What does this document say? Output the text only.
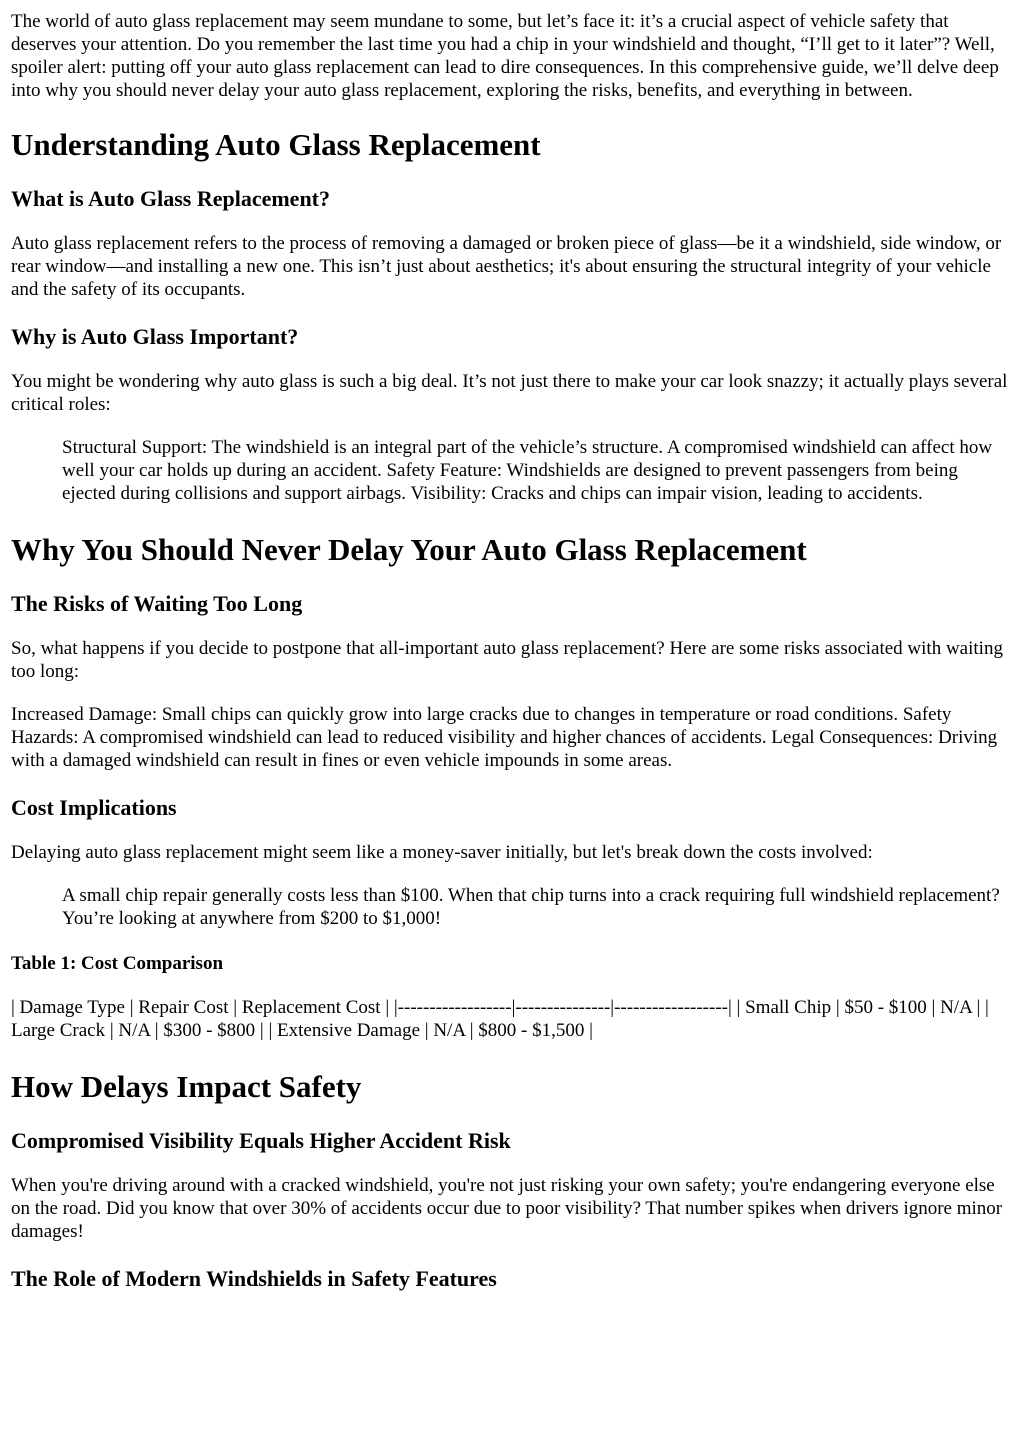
The world of auto glass replacement may seem mundane to some, but let’s face it: it’s a crucial aspect of vehicle safety that deserves your attention. Do you remember the last time you had a chip in your windshield and thought, “I’ll get to it later”? Well, spoiler alert: putting off your auto glass replacement can lead to dire consequences. In this comprehensive guide, we’ll delve deep into why you should never delay your auto glass replacement, exploring the risks, benefits, and everything in between.

Understanding Auto Glass Replacement
What is Auto Glass Replacement?

Auto glass replacement refers to the process of removing a damaged or broken piece of glass—be it a windshield, side window, or rear window—and installing a new one. This isn’t just about aesthetics; it's about ensuring the structural integrity of your vehicle and the safety of its occupants.

Why is Auto Glass Important?

You might be wondering why auto glass is such a big deal. It’s not just there to make your car look snazzy; it actually plays several critical roles:

Structural Support: The windshield is an integral part of the vehicle’s structure. A compromised windshield can affect how well your car holds up during an accident. Safety Feature: Windshields are designed to prevent passengers from being ejected during collisions and support airbags. Visibility: Cracks and chips can impair vision, leading to accidents.
Why You Should Never Delay Your Auto Glass Replacement
The Risks of Waiting Too Long

So, what happens if you decide to postpone that all-important auto glass replacement? Here are some risks associated with waiting too long:

Increased Damage: Small chips can quickly grow into large cracks due to changes in temperature or road conditions. Safety Hazards: A compromised windshield can lead to reduced visibility and higher chances of accidents. Legal Consequences: Driving with a damaged windshield can result in fines or even vehicle impounds in some areas.

Cost Implications

Delaying auto glass replacement might seem like a money-saver initially, but let's break down the costs involved:

A small chip repair generally costs less than $100. When that chip turns into a crack requiring full windshield replacement? You’re looking at anywhere from $200 to $1,000!
Table 1: Cost Comparison

| Damage Type | Repair Cost | Replacement Cost | |------------------|---------------|------------------| | Small Chip | $50 - $100 | N/A | | Large Crack | N/A | $300 - $800 | | Extensive Damage | N/A | $800 - $1,500 |

How Delays Impact Safety
Compromised Visibility Equals Higher Accident Risk

When you're driving around with a cracked windshield, you're not just risking your own safety; you're endangering everyone else on the road. Did you know that over 30% of accidents occur due to poor visibility? That number spikes when drivers ignore minor damages!

The Role of Modern Windshields in Safety Features
